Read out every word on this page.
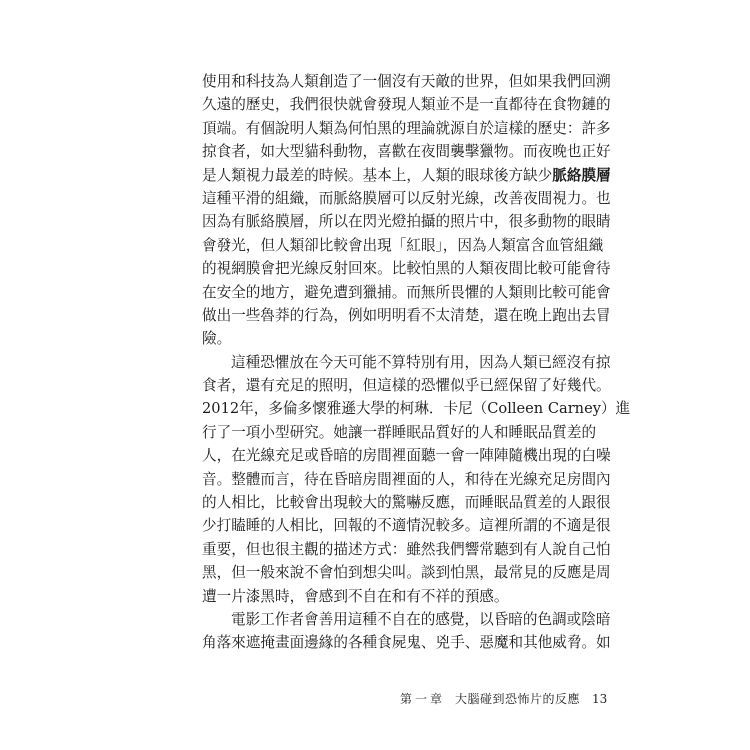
使用和科技為人類創造了一個沒有天敵的世界，但如果我們回溯
久遠的歷史，我們很快就會發現人類並不是一直都待在食物鏈的
頂端。有個說明人類為何怕黑的理論就源自於這樣的歷史：許多
掠食者，如大型貓科動物，喜歡在夜間襲擊獵物。而夜晚也正好
是人類視力最差的時候。基本上，人類的眼球後方缺少脈絡膜層
這種平滑的組織，而脈絡膜層可以反射光線，改善夜間視力。也
因為有脈絡膜層，所以在閃光燈拍攝的照片中，很多動物的眼睛
會發光，但人類卻比較會出現「紅眼」，因為人類富含血管組織
的視網膜會把光線反射回來。比較怕黑的人類夜間比較可能會待
在安全的地方，避免遭到獵捕。而無所畏懼的人類則比較可能會
做出一些魯莽的行為，例如明明看不太清楚，還在晚上跑出去冒
險。
這種恐懼放在今天可能不算特別有用，因為人類已經沒有掠
食者，還有充足的照明，但這樣的恐懼似乎已經保留了好幾代。
2012年，多倫多懷雅遜大學的柯琳．卡尼（Colleen Carney）進
行了一項小型研究。她讓一群睡眠品質好的人和睡眠品質差的
人，在光線充足或昏暗的房間裡面聽一會一陣陣隨機出現的白噪
音。整體而言，待在昏暗房間裡面的人，和待在光線充足房間內
的人相比，比較會出現較大的驚嚇反應，而睡眠品質差的人跟很
少打瞌睡的人相比，回報的不適情況較多。這裡所謂的不適是很
重要，但也很主觀的描述方式：雖然我們響常聽到有人說自己怕
黑，但一般來說不會怕到想尖叫。談到怕黑，最常見的反應是周
遭一片漆黑時，會感到不自在和有不祥的預感。
電影工作者會善用這種不自在的感覺，以昏暗的色調或陰暗
角落來遮掩畫面邊緣的各種食屍鬼、兇手、惡魔和其他威脅。如
第一章 大腦碰到恐怖片的反應 13
